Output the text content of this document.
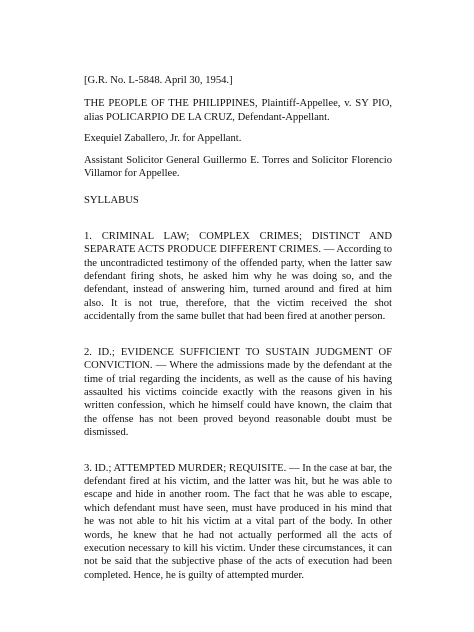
[G.R. No. L-5848. April 30, 1954.]

THE PEOPLE OF THE PHILIPPINES, Plaintiff-Appellee, v. SY PIO, alias POLICARPIO DE LA CRUZ, Defendant-Appellant.

Exequiel Zaballero, Jr. for Appellant.

Assistant Solicitor General Guillermo E. Torres and Solicitor Florencio Villamor for Appellee.

SYLLABUS

1. CRIMINAL LAW; COMPLEX CRIMES; DISTINCT AND SEPARATE ACTS PRODUCE DIFFERENT CRIMES. — According to the uncontradicted testimony of the offended party, when the latter saw defendant firing shots, he asked him why he was doing so, and the defendant, instead of answering him, turned around and fired at him also. It is not true, therefore, that the victim received the shot accidentally from the same bullet that had been fired at another person.

2. ID.; EVIDENCE SUFFICIENT TO SUSTAIN JUDGMENT OF CONVICTION. — Where the admissions made by the defendant at the time of trial regarding the incidents, as well as the cause of his having assaulted his victims coincide exactly with the reasons given in his written confession, which he himself could have known, the claim that the offense has not been proved beyond reasonable doubt must be dismissed.

3. ID.; ATTEMPTED MURDER; REQUISITE. — In the case at bar, the defendant fired at his victim, and the latter was hit, but he was able to escape and hide in another room. The fact that he was able to escape, which defendant must have seen, must have produced in his mind that he was not able to hit his victim at a vital part of the body. In other words, he knew that he had not actually performed all the acts of execution necessary to kill his victim. Under these circumstances, it can not be said that the subjective phase of the acts of execution had been completed. Hence, he is guilty of attempted murder.
